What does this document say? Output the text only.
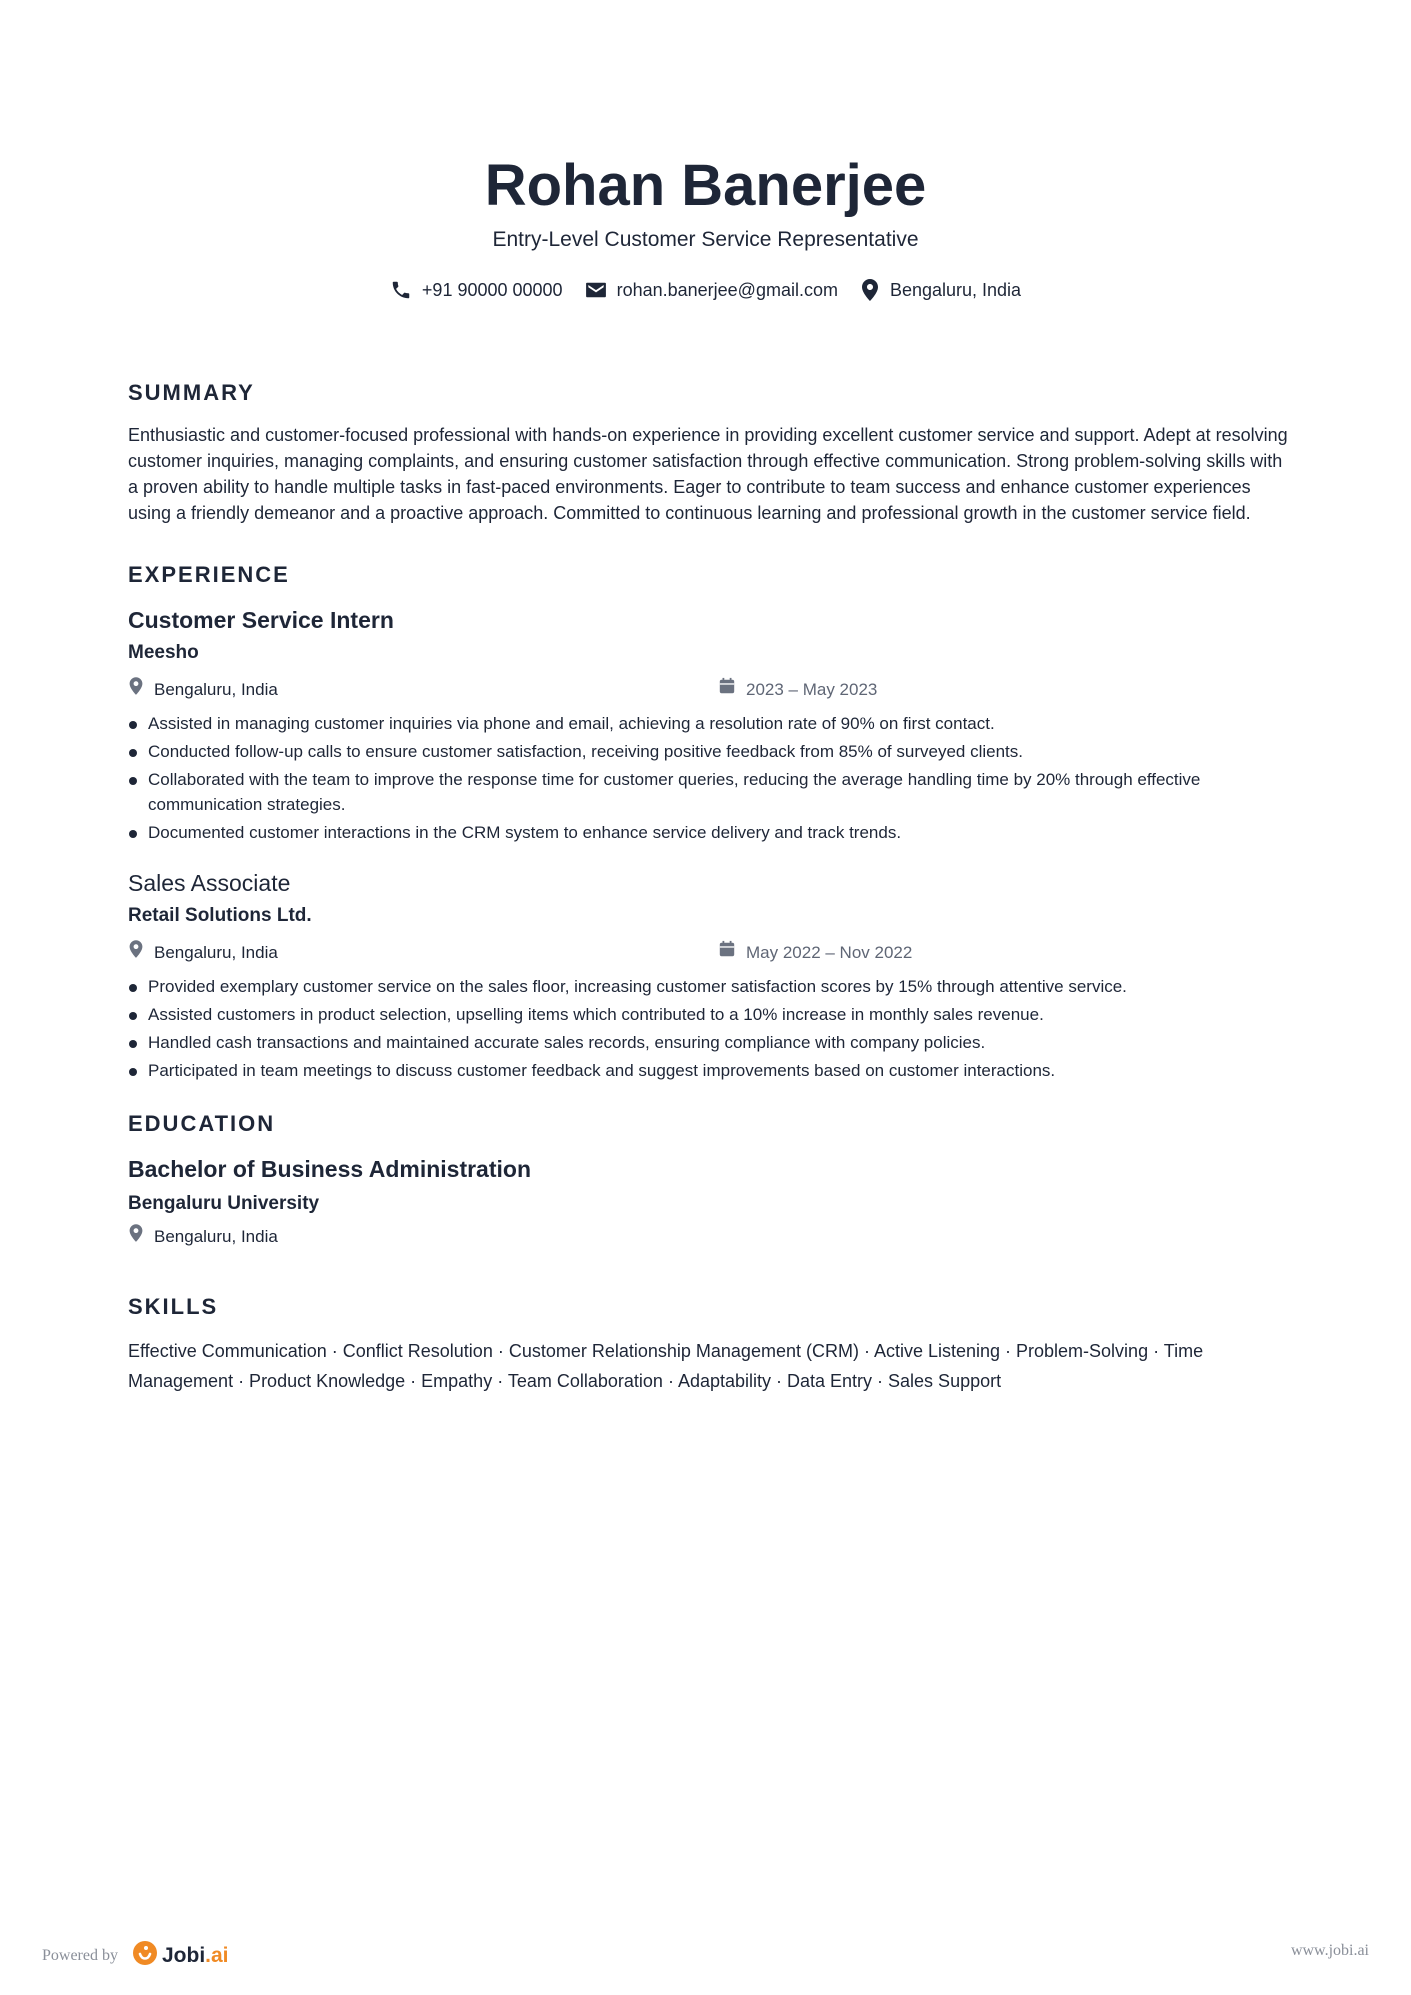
Rohan Banerjee
Entry-Level Customer Service Representative
+91 90000 00000	rohan.banerjee@gmail.com	Bengaluru, India
SUMMARY

Enthusiastic and customer-focused professional with hands-on experience in providing excellent customer service and support. Adept at resolving customer inquiries, managing complaints, and ensuring customer satisfaction through effective communication. Strong problem-solving skills with a proven ability to handle multiple tasks in fast-paced environments. Eager to contribute to team success and enhance customer experiences using a friendly demeanor and a proactive approach. Committed to continuous learning and professional growth in the customer service field.

EXPERIENCE
Customer Service Intern
Meesho
Bengaluru, India	2023 – May 2023
Assisted in managing customer inquiries via phone and email, achieving a resolution rate of 90% on first contact.
Conducted follow-up calls to ensure customer satisfaction, receiving positive feedback from 85% of surveyed clients.
Collaborated with the team to improve the response time for customer queries, reducing the average handling time by 20% through effective communication strategies.
Documented customer interactions in the CRM system to enhance service delivery and track trends.
Sales Associate
Retail Solutions Ltd.
Bengaluru, India	May 2022 – Nov 2022
Provided exemplary customer service on the sales floor, increasing customer satisfaction scores by 15% through attentive service.
Assisted customers in product selection, upselling items which contributed to a 10% increase in monthly sales revenue.
Handled cash transactions and maintained accurate sales records, ensuring compliance with company policies.
Participated in team meetings to discuss customer feedback and suggest improvements based on customer interactions.
EDUCATION
Bachelor of Business Administration
Bengaluru University
Bengaluru, India
SKILLS

Effective Communication · Conflict Resolution · Customer Relationship Management (CRM) · Active Listening · Problem-Solving · Time Management · Product Knowledge · Empathy · Team Collaboration · Adaptability · Data Entry · Sales Support

Powered by Jobi .ai	www.jobi.ai
